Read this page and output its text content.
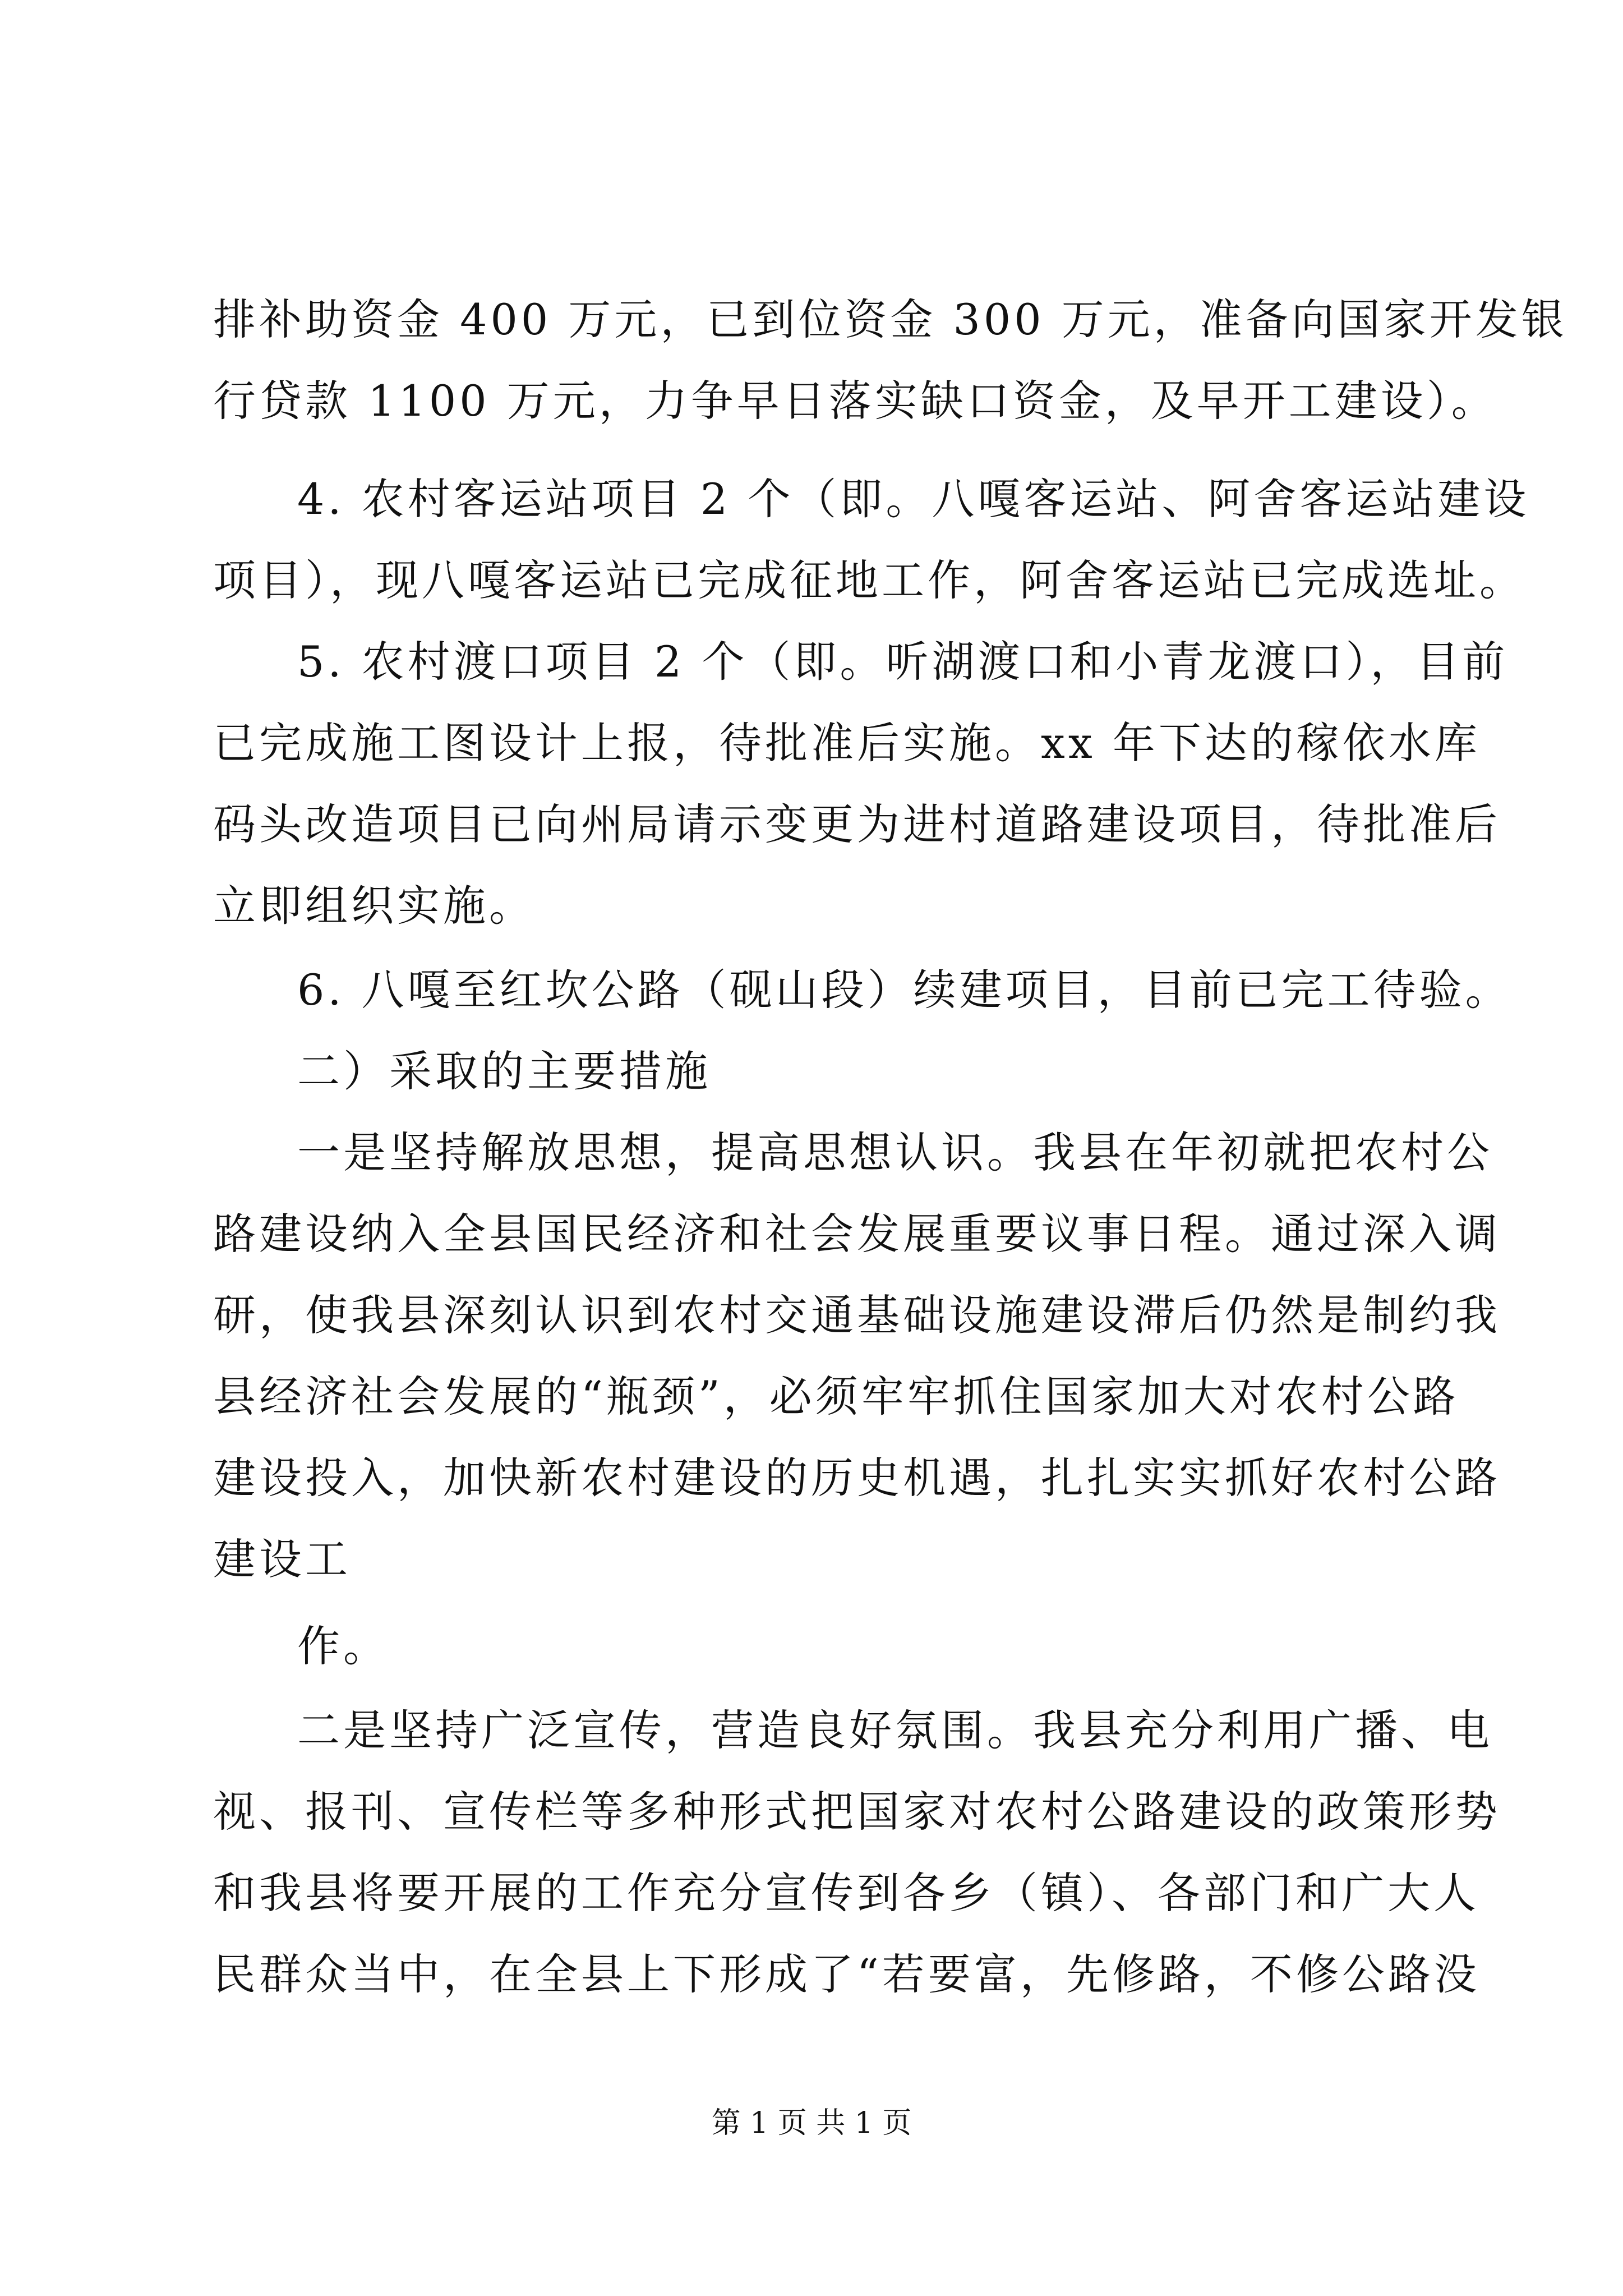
排补助资金 400 万元，已到位资金 300 万元，准备向国家开发银
行贷款 1100 万元，力争早日落实缺口资金，及早开工建设）。
4. 农村客运站项目 2 个（即。八嘎客运站、阿舍客运站建设
项目），现八嘎客运站已完成征地工作，阿舍客运站已完成选址。
5. 农村渡口项目 2 个（即。听湖渡口和小青龙渡口），目前
已完成施工图设计上报，待批准后实施。xx 年下达的稼依水库
码头改造项目已向州局请示变更为进村道路建设项目，待批准后
立即组织实施。
6. 八嘎至红坎公路（砚山段）续建项目，目前已完工待验。
二）采取的主要措施
一是坚持解放思想，提高思想认识。我县在年初就把农村公
路建设纳入全县国民经济和社会发展重要议事日程。通过深入调
研，使我县深刻认识到农村交通基础设施建设滞后仍然是制约我
县经济社会发展的“瓶颈”，必须牢牢抓住国家加大对农村公路
建设投入，加快新农村建设的历史机遇，扎扎实实抓好农村公路
建设工
作。
二是坚持广泛宣传，营造良好氛围。我县充分利用广播、电
视、报刊、宣传栏等多种形式把国家对农村公路建设的政策形势
和我县将要开展的工作充分宣传到各乡（镇）、各部门和广大人
民群众当中，在全县上下形成了“若要富，先修路，不修公路没
第 1 页 共 1 页
